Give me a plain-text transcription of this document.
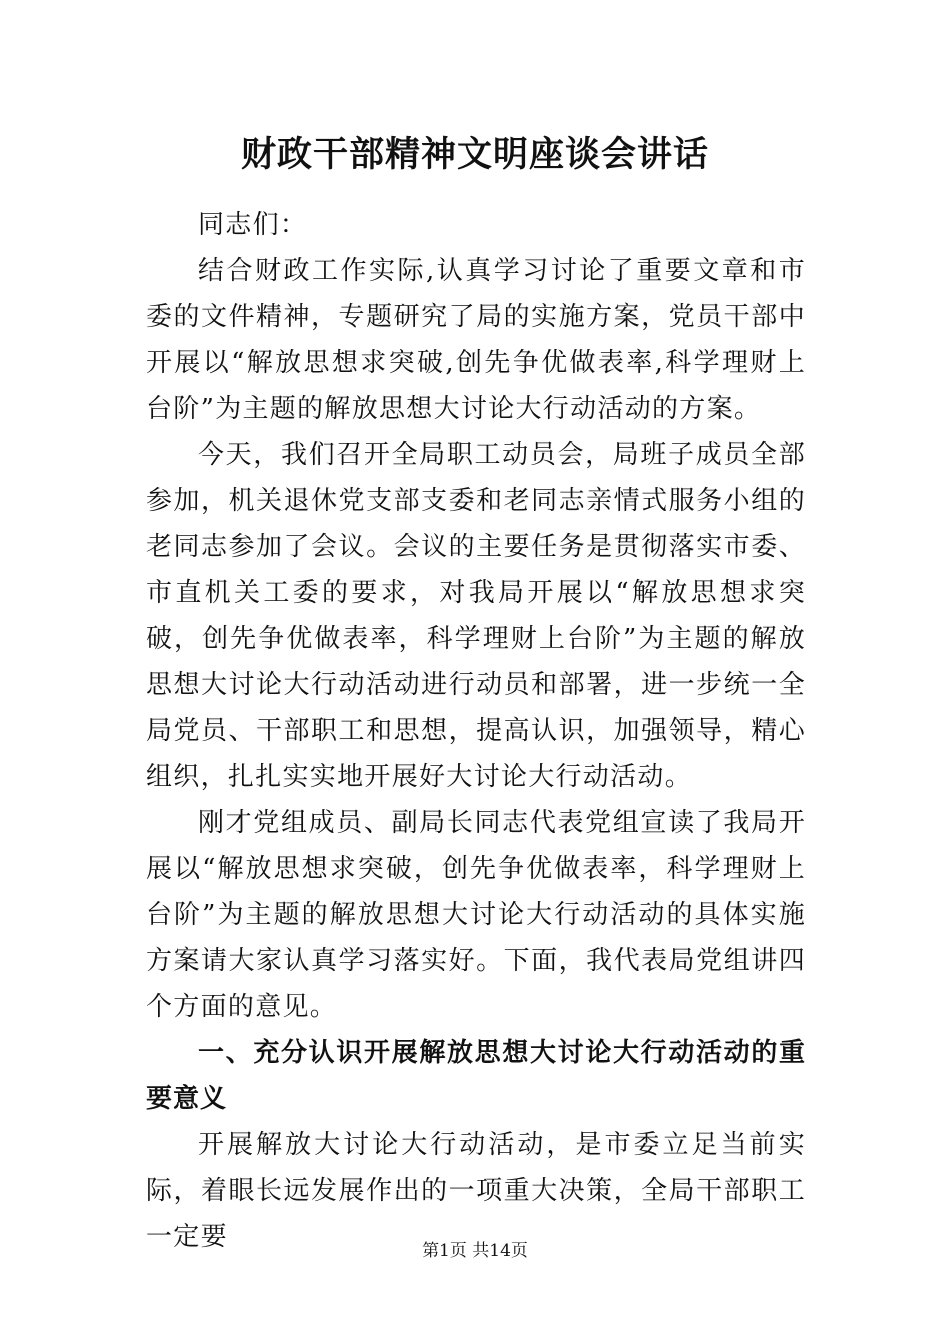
财政干部精神文明座谈会讲话

同志们：

结合财政工作实际,认真学习讨论了重要文章和市委的文件精神，专题研究了局的实施方案，党员干部中开展以“解放思想求突破,创先争优做表率,科学理财上台阶”为主题的解放思想大讨论大行动活动的方案。

今天，我们召开全局职工动员会，局班子成员全部参加，机关退休党支部支委和老同志亲情式服务小组的老同志参加了会议。会议的主要任务是贯彻落实市委、市直机关工委的要求，对我局开展以“解放思想求突破，创先争优做表率，科学理财上台阶”为主题的解放思想大讨论大行动活动进行动员和部署，进一步统一全局党员、干部职工和思想，提高认识，加强领导，精心组织，扎扎实实地开展好大讨论大行动活动。

刚才党组成员、副局长同志代表党组宣读了我局开展以“解放思想求突破，创先争优做表率，科学理财上台阶”为主题的解放思想大讨论大行动活动的具体实施方案请大家认真学习落实好。下面，我代表局党组讲四个方面的意见。

一、充分认识开展解放思想大讨论大行动活动的重要意义

开展解放大讨论大行动活动，是市委立足当前实际，着眼长远发展作出的一项重大决策，全局干部职工一定要	第1页 共14页
